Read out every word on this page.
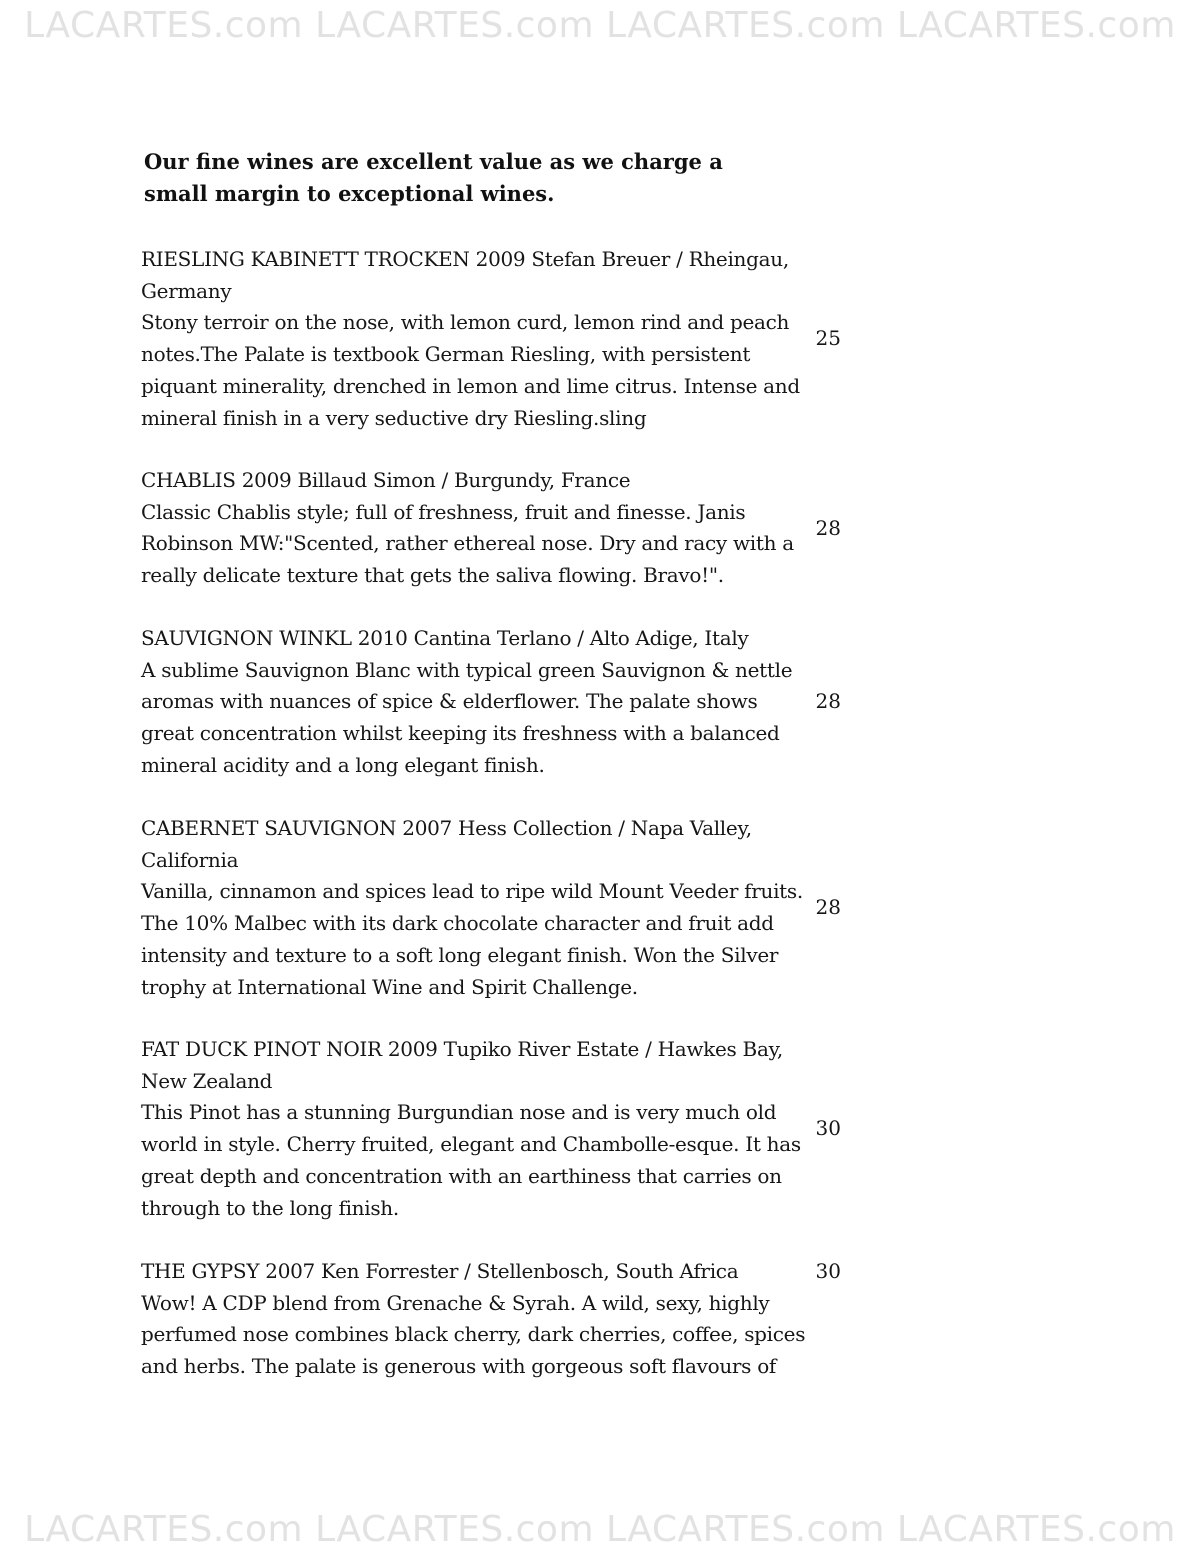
LACARTES.com LACARTES.com LACARTES.com LACARTES.com
Our fine wines are excellent value as we charge a small margin to exceptional wines.
RIESLING KABINETT TROCKEN 2009 Stefan Breuer / Rheingau, Germany
Stony terroir on the nose, with lemon curd, lemon rind and peach notes.The Palate is textbook German Riesling, with persistent piquant minerality, drenched in lemon and lime citrus. Intense and mineral finish in a very seductive dry Riesling.sling
25
CHABLIS 2009 Billaud Simon / Burgundy, France
Classic Chablis style; full of freshness, fruit and finesse. Janis Robinson MW:"Scented, rather ethereal nose. Dry and racy with a really delicate texture that gets the saliva flowing. Bravo!".
28
SAUVIGNON WINKL 2010 Cantina Terlano / Alto Adige, Italy
A sublime Sauvignon Blanc with typical green Sauvignon & nettle aromas with nuances of spice & elderflower. The palate shows great concentration whilst keeping its freshness with a balanced mineral acidity and a long elegant finish.
28
CABERNET SAUVIGNON 2007 Hess Collection / Napa Valley, California
Vanilla, cinnamon and spices lead to ripe wild Mount Veeder fruits. The 10% Malbec with its dark chocolate character and fruit add intensity and texture to a soft long elegant finish. Won the Silver trophy at International Wine and Spirit Challenge.
28
FAT DUCK PINOT NOIR 2009 Tupiko River Estate / Hawkes Bay, New Zealand
This Pinot has a stunning Burgundian nose and is very much old world in style. Cherry fruited, elegant and Chambolle-esque. It has great depth and concentration with an earthiness that carries on through to the long finish.
30
THE GYPSY 2007 Ken Forrester / Stellenbosch, South Africa
Wow! A CDP blend from Grenache & Syrah. A wild, sexy, highly perfumed nose combines black cherry, dark cherries, coffee, spices and herbs. The palate is generous with gorgeous soft flavours of
30
LACARTES.com LACARTES.com LACARTES.com LACARTES.com
